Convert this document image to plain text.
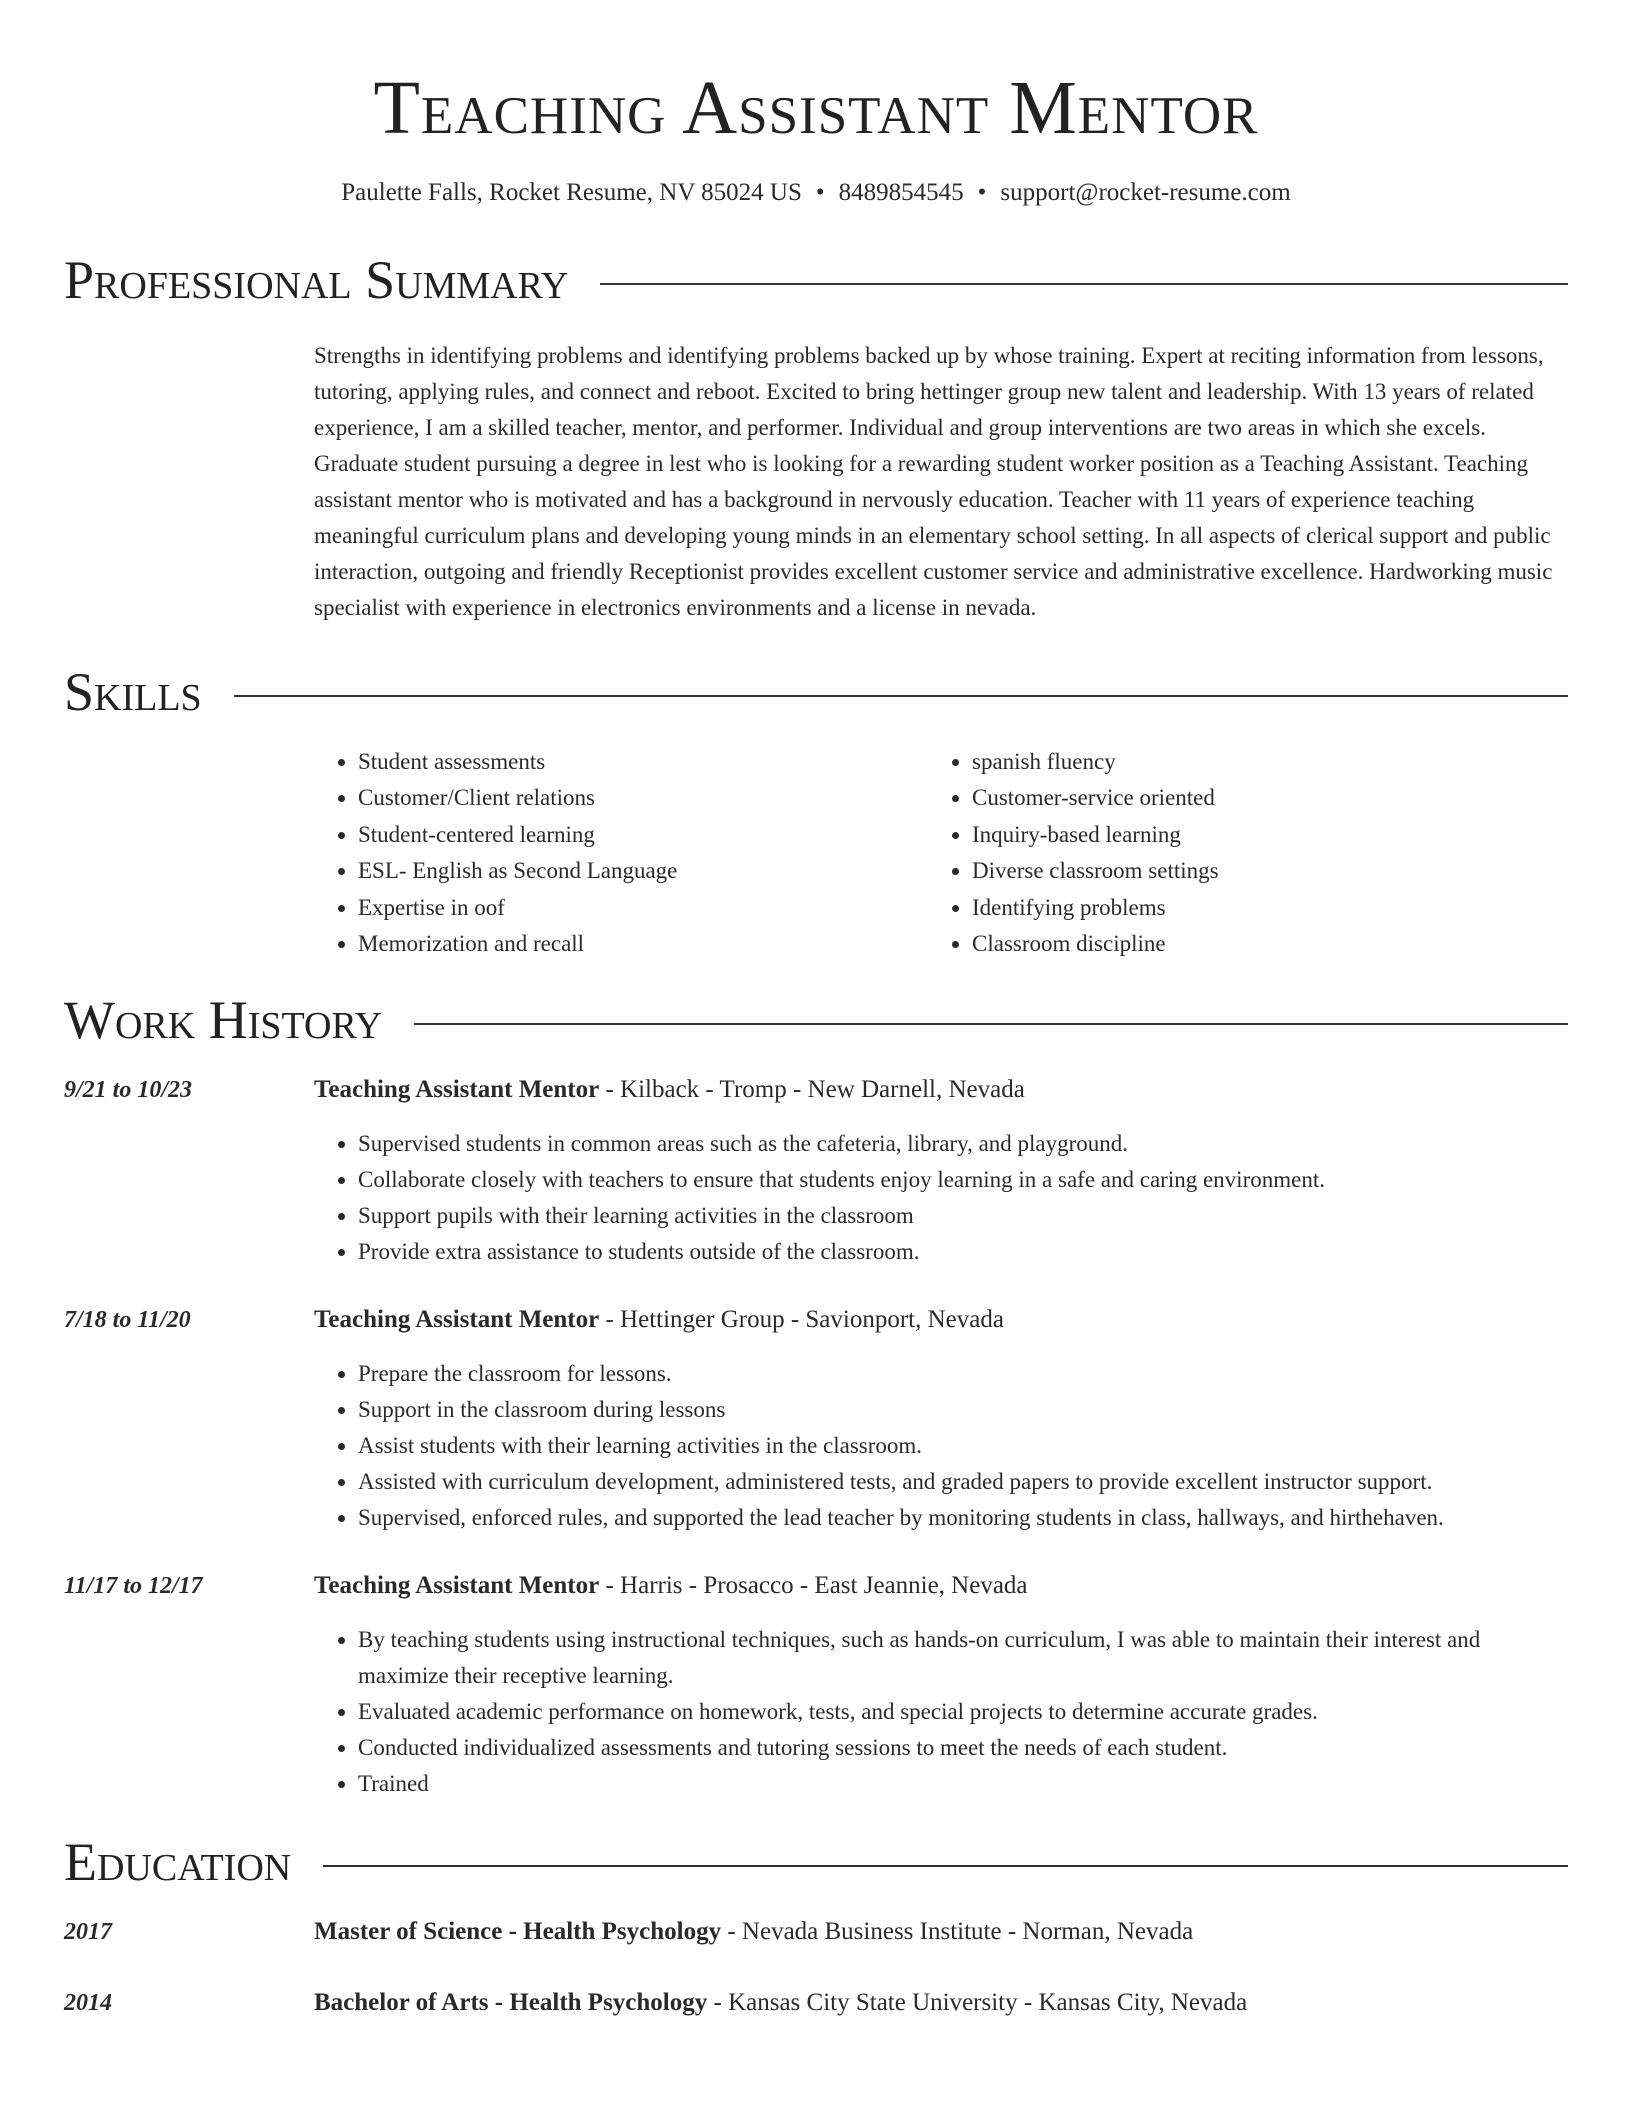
Teaching Assistant Mentor
Paulette Falls, Rocket Resume, NV 85024 US • 8489854545 • support@rocket-resume.com
Professional Summary

Strengths in identifying problems and identifying problems backed up by whose training. Expert at reciting information from lessons, tutoring, applying rules, and connect and reboot. Excited to bring hettinger group new talent and leadership. With 13 years of related experience, I am a skilled teacher, mentor, and performer. Individual and group interventions are two areas in which she excels. Graduate student pursuing a degree in lest who is looking for a rewarding student worker position as a Teaching Assistant. Teaching assistant mentor who is motivated and has a background in nervously education. Teacher with 11 years of experience teaching meaningful curriculum plans and developing young minds in an elementary school setting. In all aspects of clerical support and public interaction, outgoing and friendly Receptionist provides excellent customer service and administrative excellence. Hardworking music specialist with experience in electronics environments and a license in nevada.

Skills
• Student assessments
• Customer/Client relations
• Student-centered learning
• ESL- English as Second Language
• Expertise in oof
• Memorization and recall
• spanish fluency
• Customer-service oriented
• Inquiry-based learning
• Diverse classroom settings
• Identifying problems
• Classroom discipline
Work History
9/21 to 10/23	Teaching Assistant Mentor - Kilback - Tromp - New Darnell, Nevada
• Supervised students in common areas such as the cafeteria, library, and playground.
• Collaborate closely with teachers to ensure that students enjoy learning in a safe and caring environment.
• Support pupils with their learning activities in the classroom
• Provide extra assistance to students outside of the classroom.
7/18 to 11/20	Teaching Assistant Mentor - Hettinger Group - Savionport, Nevada
• Prepare the classroom for lessons.
• Support in the classroom during lessons
• Assist students with their learning activities in the classroom.
• Assisted with curriculum development, administered tests, and graded papers to provide excellent instructor support.
• Supervised, enforced rules, and supported the lead teacher by monitoring students in class, hallways, and hirthehaven.
11/17 to 12/17	Teaching Assistant Mentor - Harris - Prosacco - East Jeannie, Nevada
• By teaching students using instructional techniques, such as hands-on curriculum, I was able to maintain their interest and maximize their receptive learning.
• Evaluated academic performance on homework, tests, and special projects to determine accurate grades.
• Conducted individualized assessments and tutoring sessions to meet the needs of each student.
• Trained
Education
2017	Master of Science - Health Psychology - Nevada Business Institute - Norman, Nevada
2014	Bachelor of Arts - Health Psychology - Kansas City State University - Kansas City, Nevada
